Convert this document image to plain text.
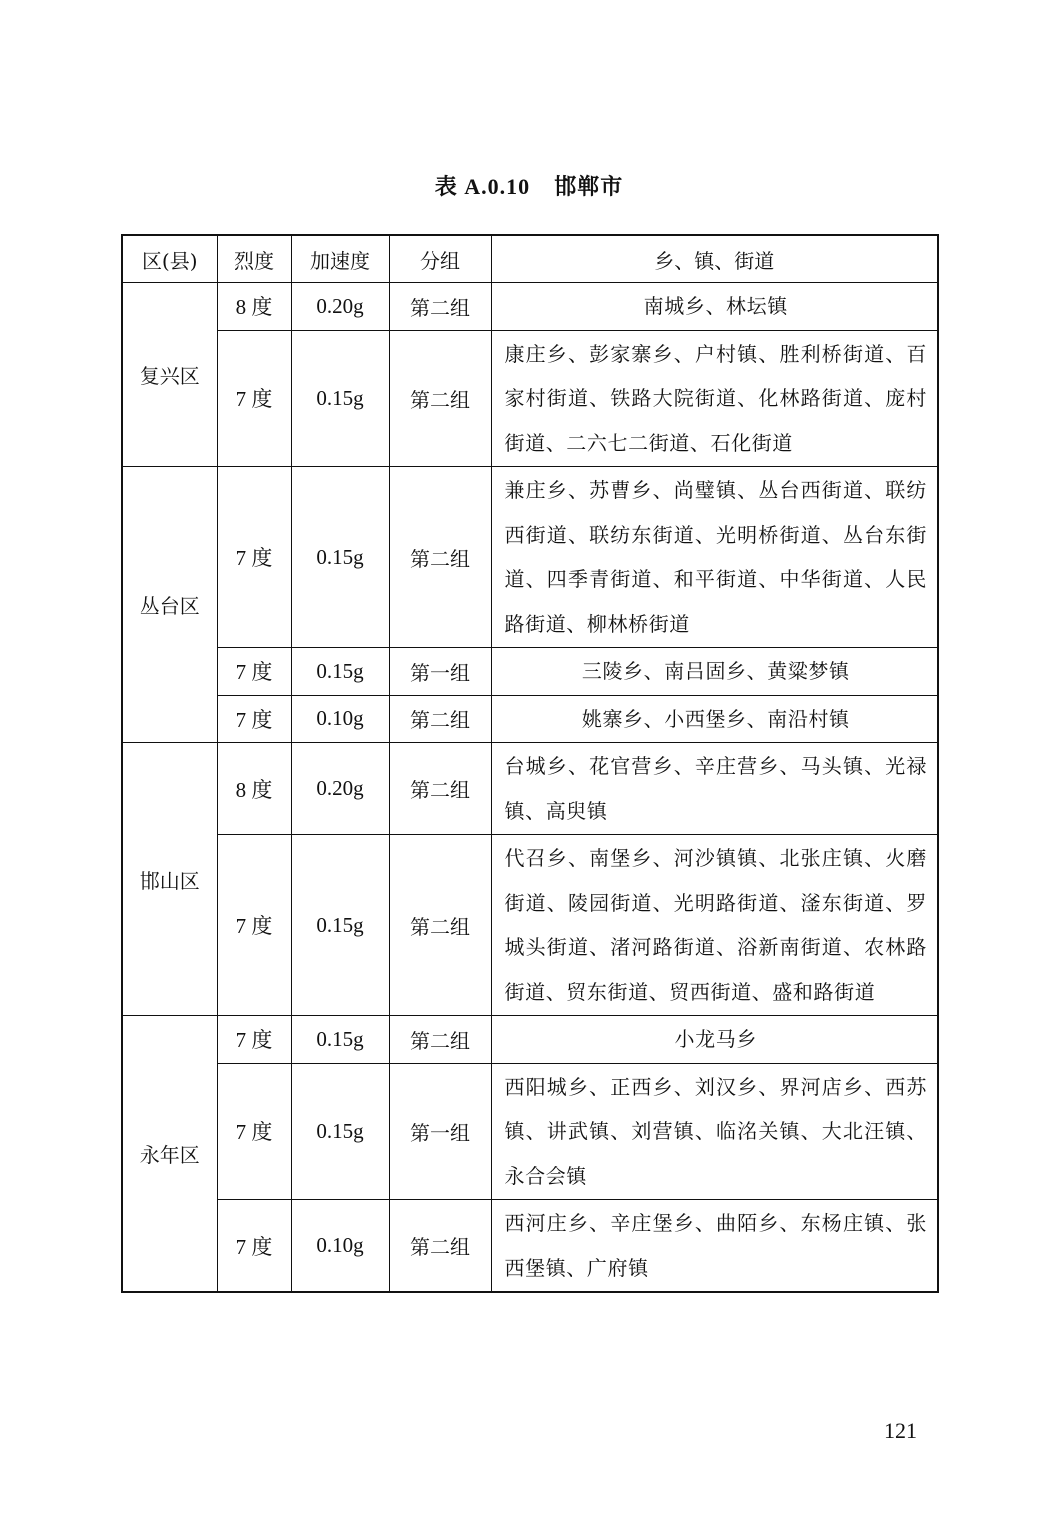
表 A.0.10 邯郸市
区(县)	烈度	加速度	分组	乡、镇、街道
复兴区	8 度	0.20g	第二组	南城乡、林坛镇
	7 度	0.15g	第二组	康庄乡、彭家寨乡、户村镇、胜利桥街道、百家村街道、铁路大院街道、化林路街道、庞村街道、二六七二街道、石化街道
丛台区	7 度	0.15g	第二组	兼庄乡、苏曹乡、尚璧镇、丛台西街道、联纺西街道、联纺东街道、光明桥街道、丛台东街道、四季青街道、和平街道、中华街道、人民路街道、柳林桥街道
	7 度	0.15g	第一组	三陵乡、南吕固乡、黄粱梦镇
	7 度	0.10g	第二组	姚寨乡、小西堡乡、南沿村镇
邯山区	8 度	0.20g	第二组	台城乡、花官营乡、辛庄营乡、马头镇、光禄镇、高臾镇
	7 度	0.15g	第二组	代召乡、南堡乡、河沙镇镇、北张庄镇、火磨街道、陵园街道、光明路街道、滏东街道、罗城头街道、渚河路街道、浴新南街道、农林路街道、贸东街道、贸西街道、盛和路街道
永年区	7 度	0.15g	第二组	小龙马乡
	7 度	0.15g	第一组	西阳城乡、正西乡、刘汉乡、界河店乡、西苏镇、讲武镇、刘营镇、临洺关镇、大北汪镇、永合会镇
	7 度	0.10g	第二组	西河庄乡、辛庄堡乡、曲陌乡、东杨庄镇、张西堡镇、广府镇
121
